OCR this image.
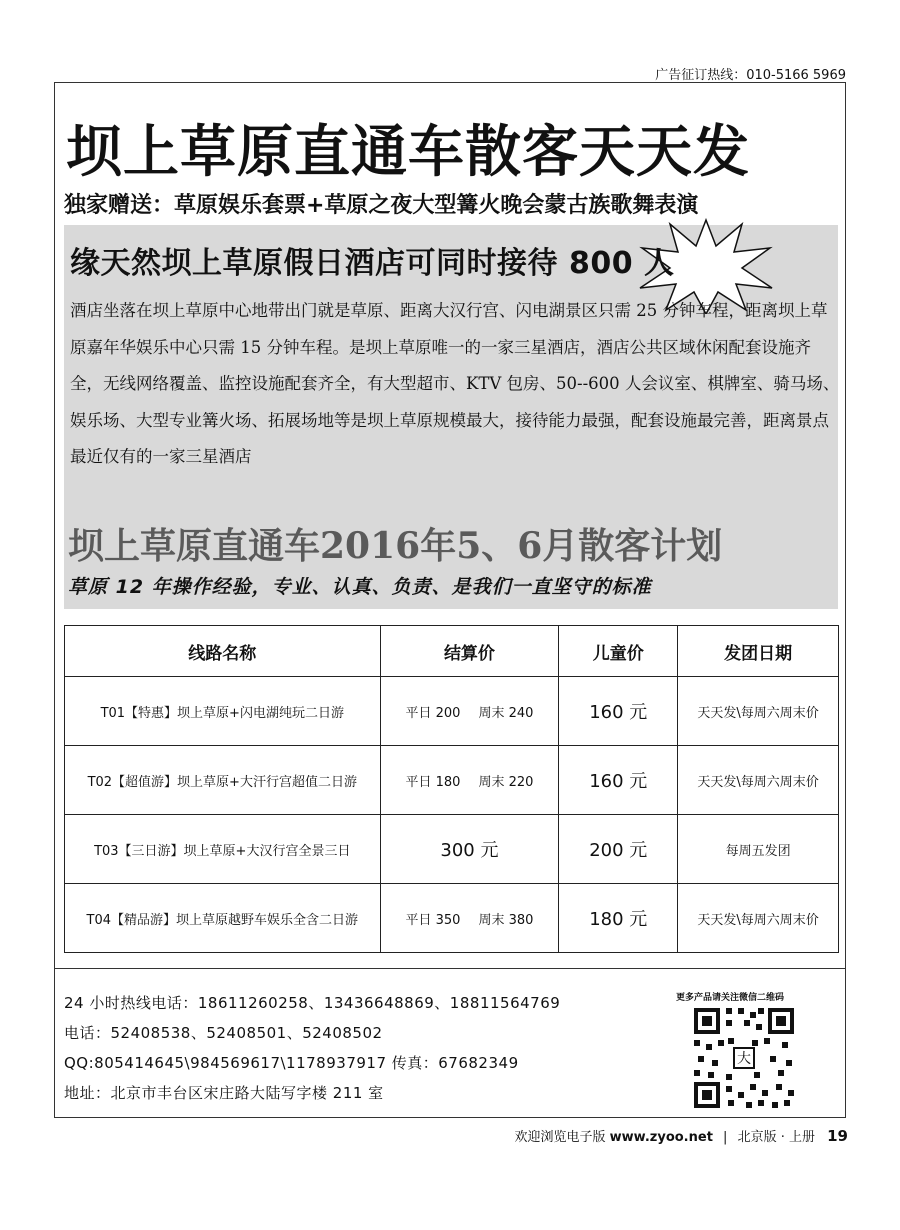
广告征订热线：010-5166 5969
坝上草原直通车散客天天发
独家赠送：草原娱乐套票+草原之夜大型篝火晚会蒙古族歌舞表演
缘天然坝上草原假日酒店可同时接待 800 人
酒店坐落在坝上草原中心地带出门就是草原、距离大汉行宫、闪电湖景区只需 25 分钟车程，距离坝上草原嘉年华娱乐中心只需 15 分钟车程。是坝上草原唯一的一家三星酒店，酒店公共区域休闲配套设施齐全，无线网络覆盖、监控设施配套齐全，有大型超市、KTV 包房、50--600 人会议室、棋牌室、骑马场、娱乐场、大型专业篝火场、拓展场地等是坝上草原规模最大，接待能力最强，配套设施最完善，距离景点最近仅有的一家三星酒店
坝上草原直通车2016年5、6月散客计划
草原 12 年操作经验，专业、认真、负责、是我们一直坚守的标准
线路名称	结算价	儿童价	发团日期
T01【特惠】坝上草原+闪电湖纯玩二日游	平日 200 周末 240	160 元	天天发\每周六周末价
T02【超值游】坝上草原+大汗行宫超值二日游	平日 180 周末 220	160 元	天天发\每周六周末价
T03【三日游】坝上草原+大汉行宫全景三日	300 元	200 元	每周五发团
T04【精品游】坝上草原越野车娱乐全含二日游	平日 350 周末 380	180 元	天天发\每周六周末价
24 小时热线电话：18611260258、13436648869、18811564769
电话：52408538、52408501、52408502
QQ:805414645\984569617\1178937917 传真：67682349
地址：北京市丰台区宋庄路大陆写字楼 211 室
更多产品请关注微信二维码
大
欢迎浏览电子版 www.zyoo.net | 北京版 · 上册 19
